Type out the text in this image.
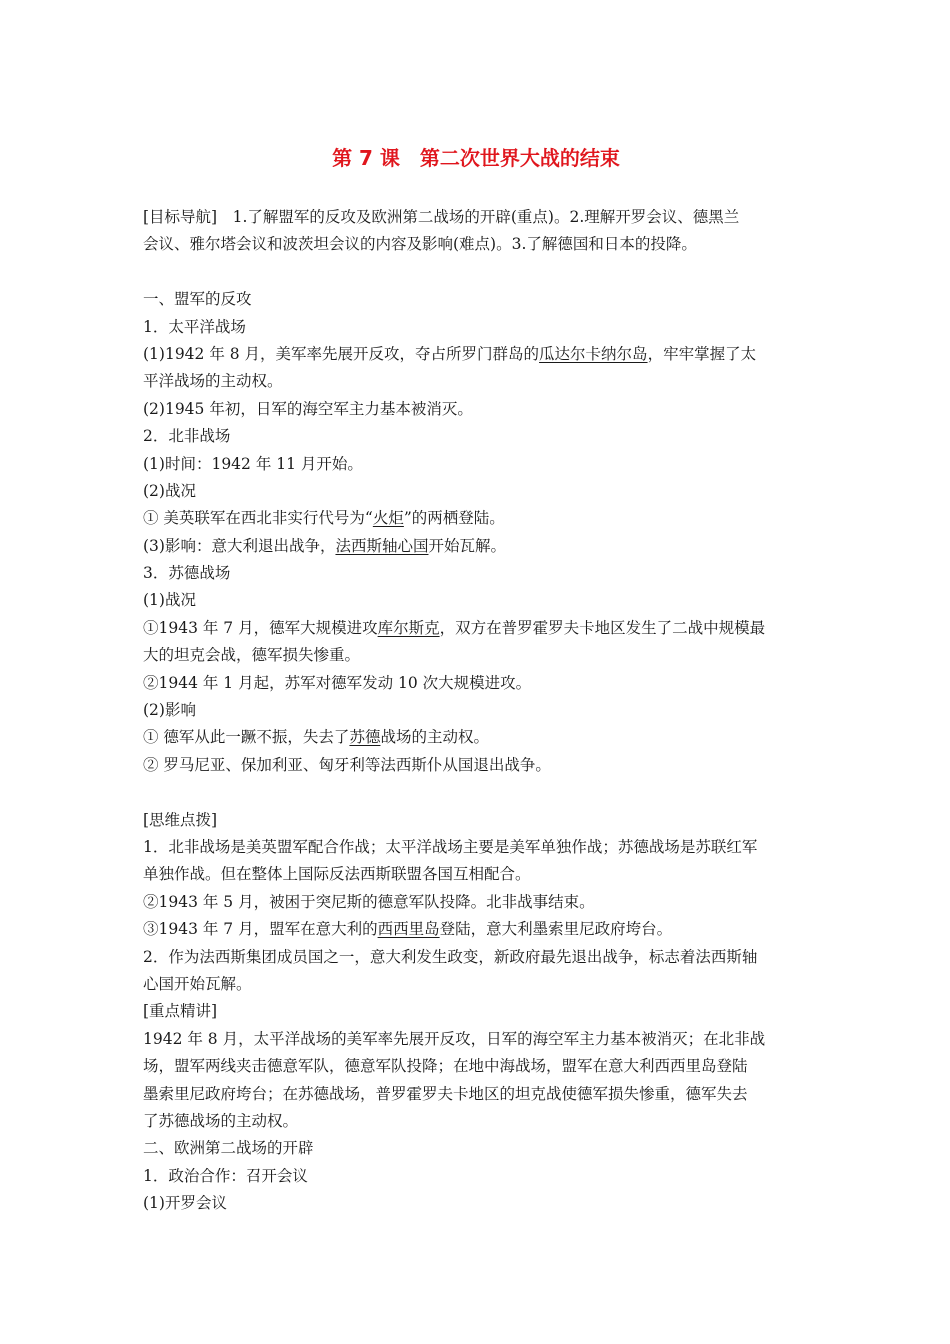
第 7 课　第二次世界大战的结束
[目标导航]　1.了解盟军的反攻及欧洲第二战场的开辟(重点)。2.理解开罗会议、德黑兰
会议、雅尔塔会议和波茨坦会议的内容及影响(难点)。3.了解德国和日本的投降。
一、盟军的反攻
1．太平洋战场
(1)1942 年 8 月，美军率先展开反攻，夺占所罗门群岛的瓜达尔卡纳尔岛，牢牢掌握了太
平洋战场的主动权。
(2)1945 年初，日军的海空军主力基本被消灭。
2．北非战场
(1)时间：1942 年 11 月开始。
(2)战况
① 美英联军在西北非实行代号为“火炬”的两栖登陆。
(3)影响：意大利退出战争，法西斯轴心国开始瓦解。
3．苏德战场
(1)战况
①1943 年 7 月，德军大规模进攻库尔斯克，双方在普罗霍罗夫卡地区发生了二战中规模最
大的坦克会战，德军损失惨重。
②1944 年 1 月起，苏军对德军发动 10 次大规模进攻。
(2)影响
① 德军从此一蹶不振，失去了苏德战场的主动权。
② 罗马尼亚、保加利亚、匈牙利等法西斯仆从国退出战争。
[思维点拨]
1．北非战场是美英盟军配合作战；太平洋战场主要是美军单独作战；苏德战场是苏联红军
单独作战。但在整体上国际反法西斯联盟各国互相配合。
②1943 年 5 月，被困于突尼斯的德意军队投降。北非战事结束。
③1943 年 7 月，盟军在意大利的西西里岛登陆，意大利墨索里尼政府垮台。
2．作为法西斯集团成员国之一，意大利发生政变，新政府最先退出战争，标志着法西斯轴
心国开始瓦解。
[重点精讲]
1942 年 8 月，太平洋战场的美军率先展开反攻，日军的海空军主力基本被消灭；在北非战
场，盟军两线夹击德意军队，德意军队投降；在地中海战场，盟军在意大利西西里岛登陆
墨索里尼政府垮台；在苏德战场，普罗霍罗夫卡地区的坦克战使德军损失惨重，德军失去
了苏德战场的主动权。
二、欧洲第二战场的开辟
1．政治合作：召开会议
(1)开罗会议
